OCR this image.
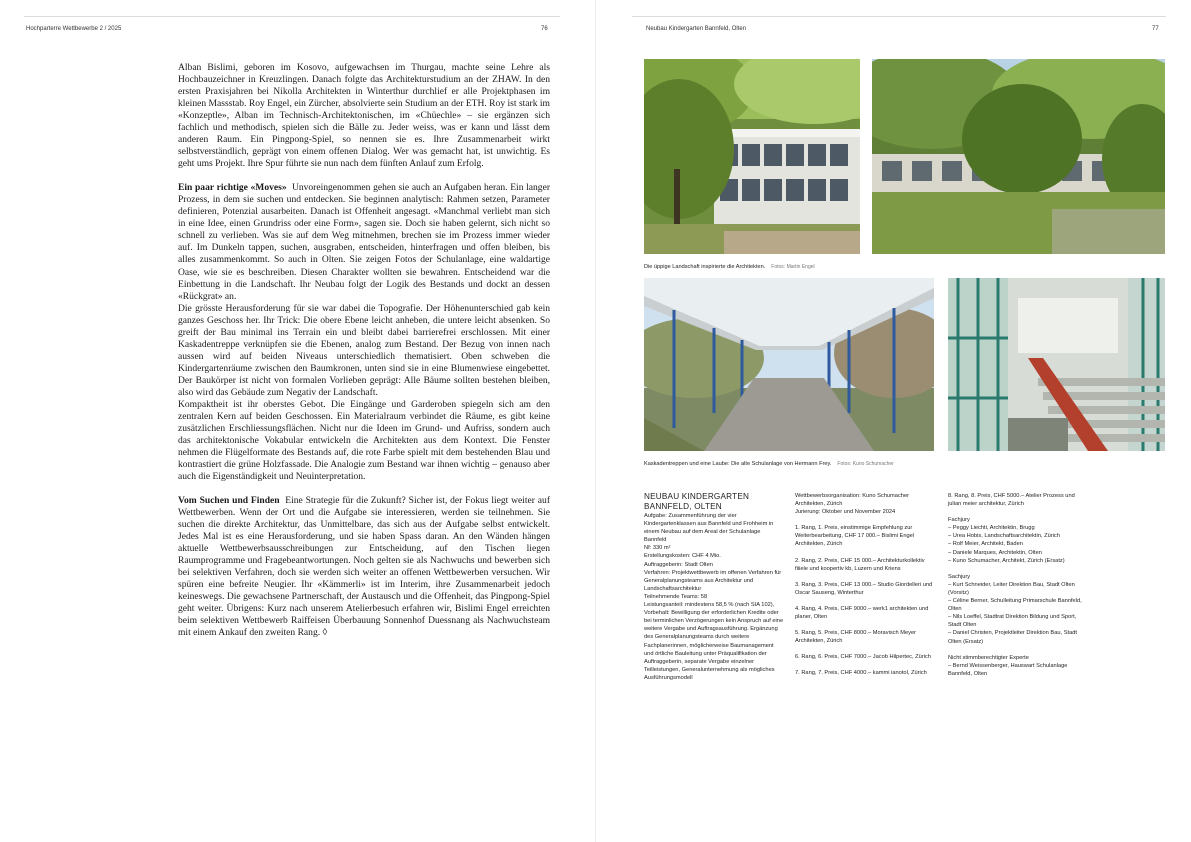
Hochparterre Wettbewerbe 2 / 2025	76

Alban Bislimi, geboren im Kosovo, aufgewachsen im Thurgau, machte seine Lehre als Hochbauzeichner in Kreuzlingen. Danach folgte das Architekturstudium an der ZHAW. In den ersten Praxisjahren bei Nikolla Architekten in Winterthur durchlief er alle Projektphasen im kleinen Massstab. Roy Engel, ein Zürcher, absolvierte sein Studium an der ETH. Roy ist stark im «Konzeptle», Alban im Technisch-Architektonischen, im «Chüechle» – sie ergänzen sich fachlich und methodisch, spielen sich die Bälle zu. Jeder weiss, was er kann und lässt dem anderen Raum. Ein Pingpong-Spiel, so nennen sie es. Ihre Zusammenarbeit wirkt selbstverständlich, geprägt von einem offenen Dialog. Wer was gemacht hat, ist unwichtig. Es geht ums Projekt. Ihre Spur führte sie nun nach dem fünften Anlauf zum Erfolg.

Ein paar richtige «Moves» Unvoreingenommen gehen sie auch an Aufgaben heran. Ein langer Prozess, in dem sie suchen und entdecken. Sie beginnen analytisch: Rahmen setzen, Parameter definieren, Potenzial ausarbeiten. Danach ist Offenheit angesagt. «Manchmal verliebt man sich in eine Idee, einen Grundriss oder eine Form», sagen sie. Doch sie haben gelernt, sich nicht so schnell zu verlieben. Was sie auf dem Weg mitnehmen, brechen sie im Prozess immer wieder auf. Im Dunkeln tappen, suchen, ausgraben, entscheiden, hinterfragen und offen bleiben, bis alles zusammenkommt. So auch in Olten. Sie zeigen Fotos der Schulanlage, eine waldartige Oase, wie sie es beschreiben. Diesen Charakter wollten sie bewahren. Entscheidend war die Einbettung in die Landschaft. Ihr Neubau folgt der Logik des Bestands und dockt an dessen «Rückgrat» an.

Die grösste Herausforderung für sie war dabei die Topografie. Der Höhenunterschied gab kein ganzes Geschoss her. Ihr Trick: Die obere Ebene leicht anheben, die untere leicht absenken. So greift der Bau minimal ins Terrain ein und bleibt dabei barrierefrei erschlossen. Mit einer Kaskadentreppe verknüpfen sie die Ebenen, analog zum Bestand. Der Bezug von innen nach aussen wird auf beiden Niveaus unterschiedlich thematisiert. Oben schweben die Kindergartenräume zwischen den Baumkronen, unten sind sie in eine Blumenwiese eingebettet. Der Baukörper ist nicht von formalen Vorlieben geprägt: Alle Bäume sollten bestehen bleiben, also wird das Gebäude zum Negativ der Landschaft.

Kompaktheit ist ihr oberstes Gebot. Die Eingänge und Garderoben spiegeln sich am den zentralen Kern auf beiden Geschossen. Ein Materialraum verbindet die Räume, es gibt keine zusätzlichen Erschliessungsflächen. Nicht nur die Ideen im Grund- und Aufriss, sondern auch das architektonische Vokabular entwickeln die Architekten aus dem Kontext. Die Fenster nehmen die Flügelformate des Bestands auf, die rote Farbe spielt mit dem bestehenden Blau und kontrastiert die grüne Holzfassade. Die Analogie zum Bestand war ihnen wichtig – genauso aber auch die Eigenständigkeit und Neuinterpretation.

Vom Suchen und Finden Eine Strategie für die Zukunft? Sicher ist, der Fokus liegt weiter auf Wettbewerben. Wenn der Ort und die Aufgabe sie interessieren, werden sie teilnehmen. Sie suchen die direkte Architektur, das Unmittelbare, das sich aus der Aufgabe selbst entwickelt. Jedes Mal ist es eine Herausforderung, und sie haben Spass daran. An den Wänden hängen aktuelle Wettbewerbsausschreibungen zur Entscheidung, auf den Tischen liegen Raumprogramme und Fragebeantwortungen. Noch gelten sie als Nachwuchs und bewerben sich bei selektiven Verfahren, doch sie werden sich weiter an offenen Wettbewerben versuchen. Wir spüren eine befreite Neugier. Ihr «Kämmerli» ist im Interim, ihre Zusammenarbeit jedoch keineswegs. Die gewachsene Partnerschaft, der Austausch und die Offenheit, das Pingpong-Spiel geht weiter. Übrigens: Kurz nach unserem Atelierbesuch erfahren wir, Bislimi Engel erreichten beim selektiven Wettbewerb Raiffeisen Überbauung Sonnenhof Duessnang als Nachwuchsteam mit einem Ankauf den zweiten Rang. ◊

Neubau Kindergarten Bannfeld, Olten	77
Die üppige Landschaft inspirierte die Architekten. Fotos: Martin Engel
Kaskadentreppen und eine Laube: Die alte Schulanlage von Hermann Frey. Fotos: Kuno Schumacher
NEUBAU KINDERGARTEN
BANNFELD, OLTEN
Aufgabe: Zusammenführung der vier Kindergartenklassen aus Bannfeld und Frohheim in einem Neubau auf dem Areal der Schulanlage Bannfeld
Nf: 330 m²
Erstellungskosten: CHF 4 Mio.
Auftraggeberin: Stadt Olten
Verfahren: Projektwettbewerb im offenen Verfahren für Generalplanungsteams aus Architektur und Landschaftsarchitektur
Teilnehmende Teams: 58
Leistungsanteil: mindestens 58,5 % (nach SIA 102), Vorbehalt: Bewilligung der erforderlichen Kredite oder bei terminlichen Verzögerungen kein Anspruch auf eine weitere Vergabe und Auftragsausführung. Ergänzung des Generalplanungsteams durch weitere Fachplanerinnen, möglicherweise Baumanagement und örtliche Bauleitung unter Präqualifikation der Auftraggeberin, separate Vergabe einzelner Teilleistungen, Generalunternehmung als mögliches Ausführungsmodell
Wettbewerbsorganisation: Kuno Schumacher Architekten, Zürich
Jurierung: Oktober und November 2024
1. Rang, 1. Preis, einstimmige Empfehlung zur Weiterbearbeitung, CHF 17 000.– Bislimi Engel Architekten, Zürich
2. Rang, 2. Preis, CHF 15 000.– Architekturkollektiv fiiiele und koopertiv kb, Luzern und Kriens
3. Rang, 3. Preis, CHF 13 000.– Studio Giordelleri und Oscar Sauseng, Winterthur
4. Rang, 4. Preis, CHF 9000.– werk1 architekten und planer, Olten
5. Rang, 5. Preis, CHF 8000.– Moravisch Meyer Architekten, Zürich
6. Rang, 6. Preis, CHF 7000.– Jacob Hilpertec, Zürich
7. Rang, 7. Preis, CHF 4000.– kammi ianotol, Zürich
8. Rang, 8. Preis, CHF 5000.– Atelier Prozess und julian meier architektur, Zürich
Fachjury
– Peggy Liechti, Architektin, Brugg
– Urea Hobis, Landschaftsarchitektin, Zürich
– Rolf Meier, Architekt, Baden
– Daniele Marques, Architektin, Olten
– Kuno Schumacher, Architekt, Zürich (Ersatz)
Sachjury
– Kurt Schneider, Leiter Direktion Bau, Stadt Olten (Vorsitz)
– Céline Berner, Schulleitung Primarschule Bannfeld, Olten
– Nils Loeffel, Stadtrat Direktion Bildung und Sport, Stadt Olten
– Daniel Christen, Projektleiter Direktion Bau, Stadt Olten (Ersatz)
Nicht stimmberechtigter Experte
– Bernd Weissenberger, Hauswart Schulanlage Bannfeld, Olten
